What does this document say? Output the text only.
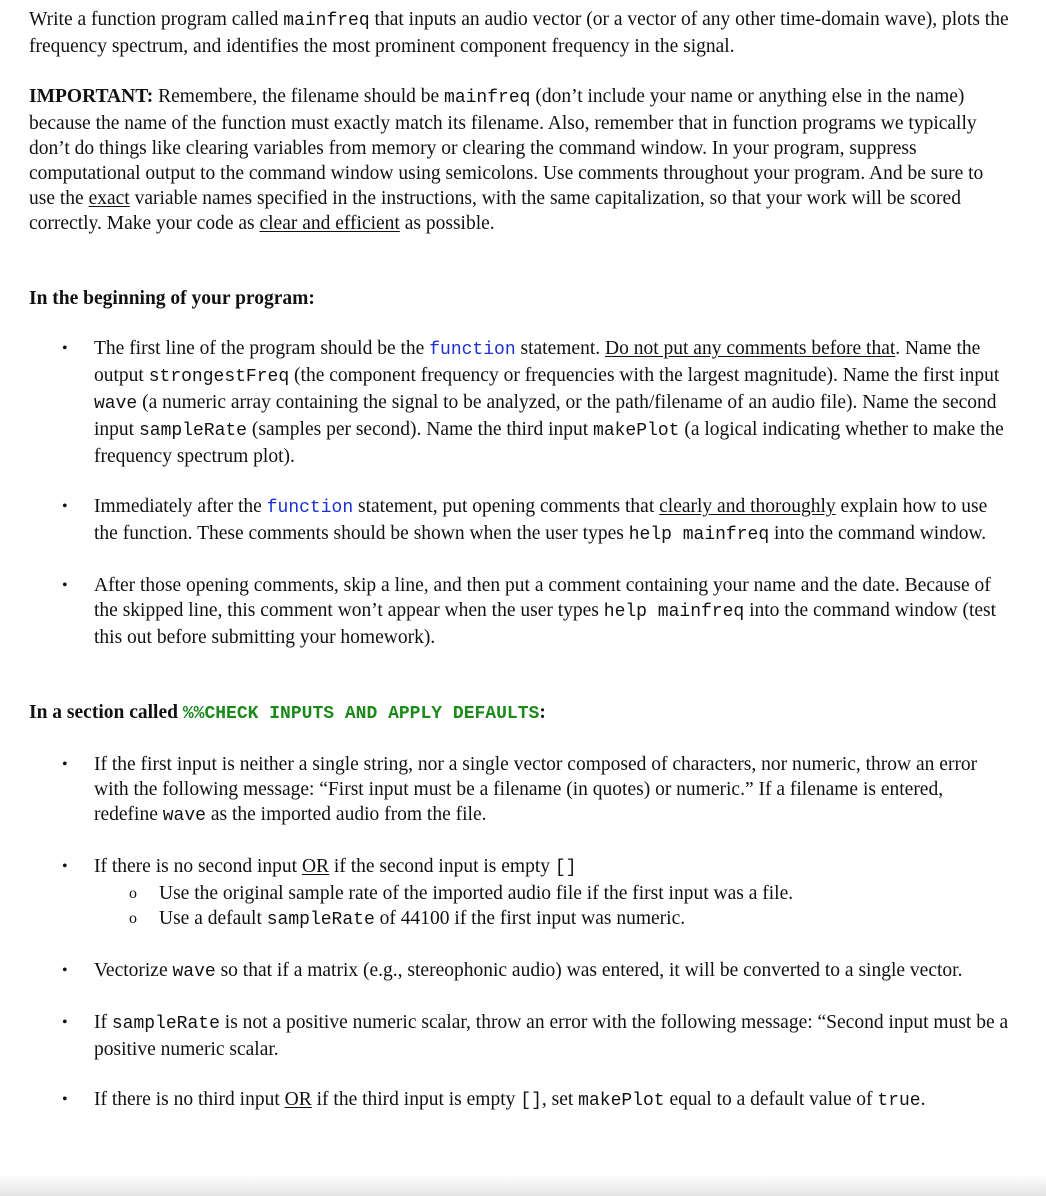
Write a function program called mainfreq that inputs an audio vector (or a vector of any other time-domain wave), plots the frequency spectrum, and identifies the most prominent component frequency in the signal.

IMPORTANT: Remembere, the filename should be mainfreq (don’t include your name or anything else in the name) because the name of the function must exactly match its filename. Also, remember that in function programs we typically don’t do things like clearing variables from memory or clearing the command window. In your program, suppress computational output to the command window using semicolons. Use comments throughout your program. And be sure to use the exact variable names specified in the instructions, with the same capitalization, so that your work will be scored correctly. Make your code as clear and efficient as possible.

In the beginning of your program:

• The first line of the program should be the function statement. Do not put any comments before that. Name the output strongestFreq (the component frequency or frequencies with the largest magnitude). Name the first input wave (a numeric array containing the signal to be analyzed, or the path/filename of an audio file). Name the second input sampleRate (samples per second). Name the third input makePlot (a logical indicating whether to make the frequency spectrum plot).
• Immediately after the function statement, put opening comments that clearly and thoroughly explain how to use the function. These comments should be shown when the user types help mainfreq into the command window.
• After those opening comments, skip a line, and then put a comment containing your name and the date. Because of the skipped line, this comment won’t appear when the user types help mainfreq into the command window (test this out before submitting your homework).

In a section called %%CHECK INPUTS AND APPLY DEFAULTS:

• If the first input is neither a single string, nor a single vector composed of characters, nor numeric, throw an error with the following message: “First input must be a filename (in quotes) or numeric.” If a filename is entered, redefine wave as the imported audio from the file.
• If there is no second input OR if the second input is empty []
o Use the original sample rate of the imported audio file if the first input was a file.
o Use a default sampleRate of 44100 if the first input was numeric.
• Vectorize wave so that if a matrix (e.g., stereophonic audio) was entered, it will be converted to a single vector.
• If sampleRate is not a positive numeric scalar, throw an error with the following message: “Second input must be a positive numeric scalar.
• If there is no third input OR if the third input is empty [], set makePlot equal to a default value of true.
